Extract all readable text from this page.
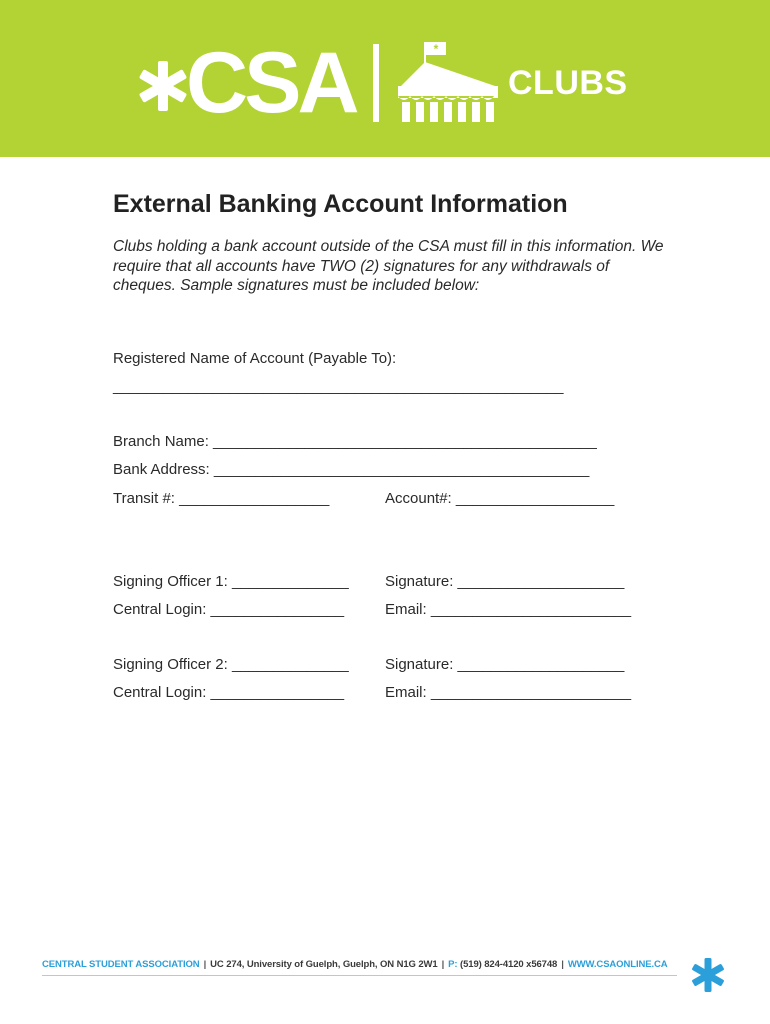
CSA	*
CLUBS
External Banking Account Information

Clubs holding a bank account outside of the CSA must fill in this information. We require that all accounts have TWO (2) signatures for any withdrawals of cheques. Sample signatures must be included below:

Registered Name of Account (Payable To):
______________________________________________________
Branch Name: ______________________________________________
Bank Address: _____________________________________________
Transit #: __________________	Account#: ___________________
Signing Officer 1: ______________ Signature: ____________________
Central Login: ________________	Email: ________________________
Signing Officer 2: ______________ Signature: ____________________
Central Login: ________________	Email: ________________________
CENTRAL STUDENT ASSOCIATION | UC 274, University of Guelph, Guelph, ON N1G 2W1 | P: (519) 824-4120 x56748 | WWW.CSAONLINE.CA
